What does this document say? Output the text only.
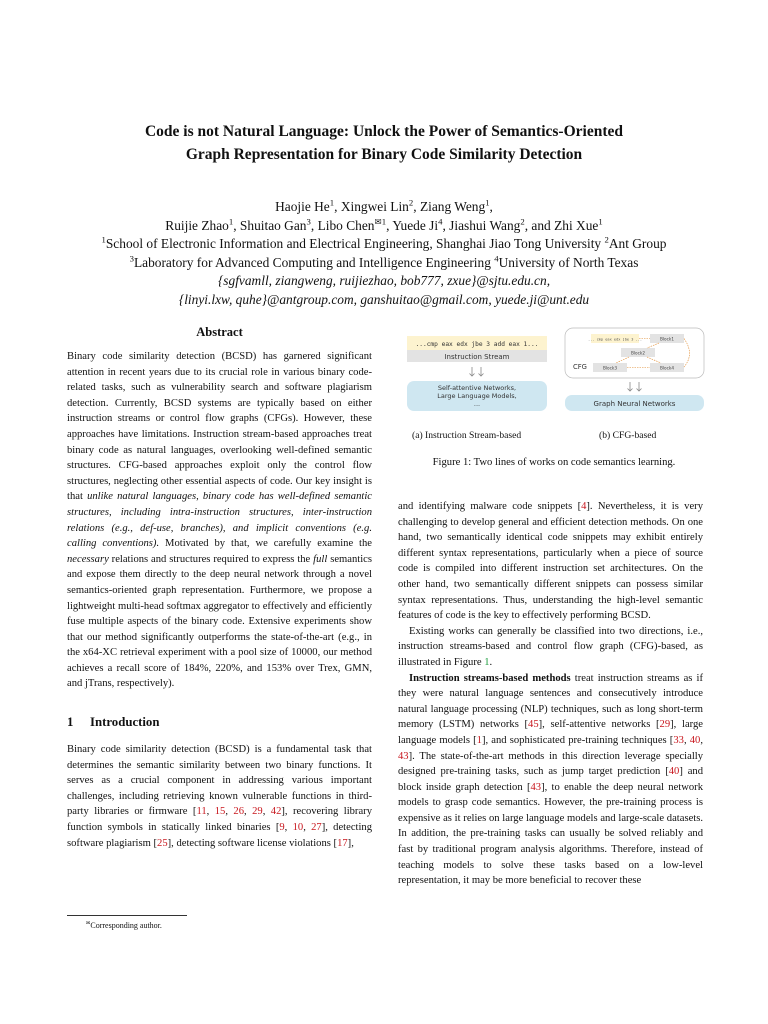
Code is not Natural Language: Unlock the Power of Semantics-Oriented
Graph Representation for Binary Code Similarity Detection
Haojie He$^1$, Xingwei Lin$^2$, Ziang Weng$^1$,
Ruijie Zhao$^1$, Shuitao Gan$^3$, Libo Chen$^{✉1}$, Yuede Ji$^4$, Jiashui Wang$^2$, and Zhi Xue$^1$
$^1$School of Electronic Information and Electrical Engineering, Shanghai Jiao Tong University $^2$Ant Group
$^3$Laboratory for Advanced Computing and Intelligence Engineering $^4$University of North Texas
{sgfvamll, ziangweng, ruijiezhao, bob777, zxue}@sjtu.edu.cn,
{linyi.lxw, quhe}@antgroup.com, ganshuitao@gmail.com, yuede.ji@unt.edu
Abstract

Binary code similarity detection (BCSD) has garnered significant attention in recent years due to its crucial role in various binary code-related tasks, such as vulnerability search and software plagiarism detection. Currently, BCSD systems are typically based on either instruction streams or control flow graphs (CFGs). However, these approaches have limitations. Instruction stream-based approaches treat binary code as natural languages, overlooking well-defined semantic structures. CFG-based approaches exploit only the control flow structures, neglecting other essential aspects of code. Our key insight is that unlike natural languages, binary code has well-defined semantic structures, including intra-instruction structures, inter-instruction relations (e.g., def-use, branches), and implicit conventions (e.g. calling conventions). Motivated by that, we carefully examine the necessary relations and structures required to express the full semantics and expose them directly to the deep neural network through a novel semantics-oriented graph representation. Furthermore, we propose a lightweight multi-head softmax aggregator to effectively and efficiently fuse multiple aspects of the binary code. Extensive experiments show that our method significantly outperforms the state-of-the-art (e.g., in the x64-XC retrieval experiment with a pool size of 10000, our method achieves a recall score of 184%, 220%, and 153% over Trex, GMN, and jTrans, respectively).

1 Introduction

Binary code similarity detection (BCSD) is a fundamental task that determines the semantic similarity between two binary functions. It serves as a crucial component in addressing various important challenges, including retrieving known vulnerable functions in third-party libraries or firmware [11, 15, 26, 29, 42], recovering library function symbols in statically linked binaries [9, 10, 27], detecting software plagiarism [25], detecting software license violations [17],

✉Corresponding author.
...cmp eax edx jbe 3 add eax 1...
Instruction Stream
Self-attentive Networks,
Large Language Models,
...
CFG
... cmp eax edx jbe 3 ...	Block1
Block2
Block3	Block4
Graph Neural Networks
(a) Instruction Stream-based	(b) CFG-based
Figure 1: Two lines of works on code semantics learning.

and identifying malware code snippets [4]. Nevertheless, it is very challenging to develop general and efficient detection methods. On one hand, two semantically identical code snippets may exhibit entirely different syntax representations, particularly when a piece of source code is compiled into different instruction set architectures. On the other hand, two semantically different snippets can possess similar syntax representations. Thus, understanding the high-level semantic features of code is the key to effectively performing BCSD.

Existing works can generally be classified into two directions, i.e., instruction streams-based and control flow graph (CFG)-based, as illustrated in Figure 1.

Instruction streams-based methods treat instruction streams as if they were natural language sentences and consecutively introduce natural language processing (NLP) techniques, such as long short-term memory (LSTM) networks [45], self-attentive networks [29], large language models [1], and sophisticated pre-training techniques [33, 40, 43]. The state-of-the-art methods in this direction leverage specially designed pre-training tasks, such as jump target prediction [40] and block inside graph detection [43], to enable the deep neural network models to grasp code semantics. However, the pre-training process is expensive as it relies on large language models and large-scale datasets. In addition, the pre-training tasks can usually be solved reliably and fast by traditional program analysis algorithms. Therefore, instead of teaching models to solve these tasks based on a low-level representation, it may be more beneficial to recover these
